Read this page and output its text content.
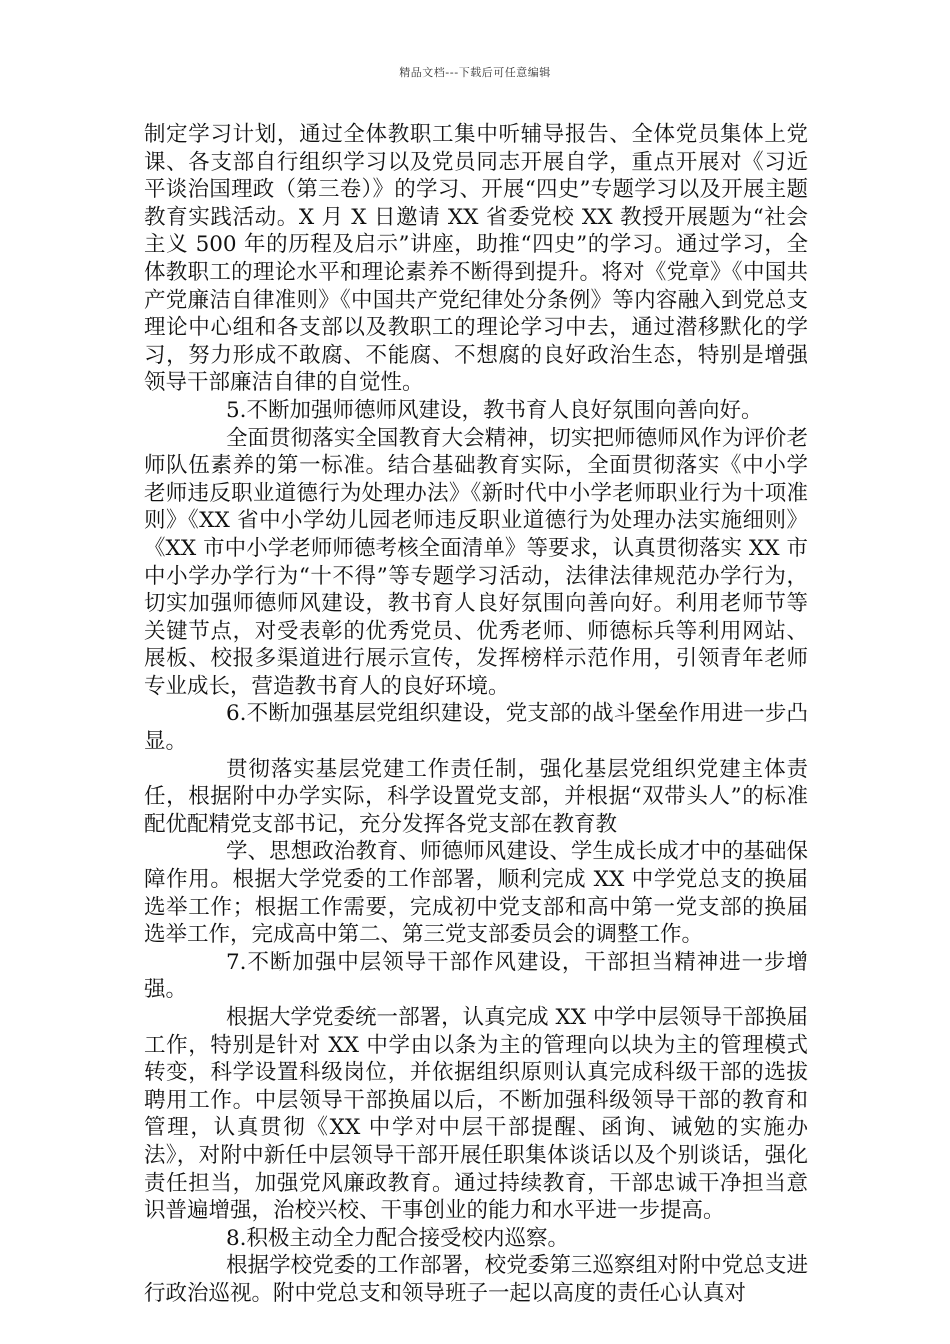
精品文档---下载后可任意编辑

制定学习计划，通过全体教职工集中听辅导报告、全体党员集体上党课、各支部自行组织学习以及党员同志开展自学，重点开展对《习近平谈治国理政（第三卷）》的学习、开展“四史”专题学习以及开展主题教育实践活动。X 月 X 日邀请 XX 省委党校 XX 教授开展题为“社会主义 500 年的历程及启示”讲座，助推“四史”的学习。通过学习，全体教职工的理论水平和理论素养不断得到提升。将对《党章》《中国共产党廉洁自律准则》《中国共产党纪律处分条例》等内容融入到党总支理论中心组和各支部以及教职工的理论学习中去，通过潜移默化的学习，努力形成不敢腐、不能腐、不想腐的良好政治生态，特别是增强领导干部廉洁自律的自觉性。

5.不断加强师德师风建设，教书育人良好氛围向善向好。

全面贯彻落实全国教育大会精神，切实把师德师风作为评价老师队伍素养的第一标准。结合基础教育实际，全面贯彻落实《中小学老师违反职业道德行为处理办法》《新时代中小学老师职业行为十项准则》《XX 省中小学幼儿园老师违反职业道德行为处理办法实施细则》《XX 市中小学老师师德考核全面清单》等要求，认真贯彻落实 XX 市中小学办学行为“十不得”等专题学习活动，法律法律规范办学行为，切实加强师德师风建设，教书育人良好氛围向善向好。利用老师节等关键节点，对受表彰的优秀党员、优秀老师、师德标兵等利用网站、展板、校报多渠道进行展示宣传，发挥榜样示范作用，引领青年老师专业成长，营造教书育人的良好环境。

6.不断加强基层党组织建设，党支部的战斗堡垒作用进一步凸显。

贯彻落实基层党建工作责任制，强化基层党组织党建主体责任，根据附中办学实际，科学设置党支部，并根据“双带头人”的标准配优配精党支部书记，充分发挥各党支部在教育教

学、思想政治教育、师德师风建设、学生成长成才中的基础保障作用。根据大学党委的工作部署，顺利完成 XX 中学党总支的换届选举工作；根据工作需要，完成初中党支部和高中第一党支部的换届选举工作，完成高中第二、第三党支部委员会的调整工作。

7.不断加强中层领导干部作风建设，干部担当精神进一步增强。

根据大学党委统一部署，认真完成 XX 中学中层领导干部换届工作，特别是针对 XX 中学由以条为主的管理向以块为主的管理模式转变，科学设置科级岗位，并依据组织原则认真完成科级干部的选拔聘用工作。中层领导干部换届以后，不断加强科级领导干部的教育和管理，认真贯彻《XX 中学对中层干部提醒、函询、诫勉的实施办法》，对附中新任中层领导干部开展任职集体谈话以及个别谈话，强化责任担当，加强党风廉政教育。通过持续教育，干部忠诚干净担当意识普遍增强，治校兴校、干事创业的能力和水平进一步提高。

8.积极主动全力配合接受校内巡察。

根据学校党委的工作部署，校党委第三巡察组对附中党总支进行政治巡视。附中党总支和领导班子一起以高度的责任心认真对
